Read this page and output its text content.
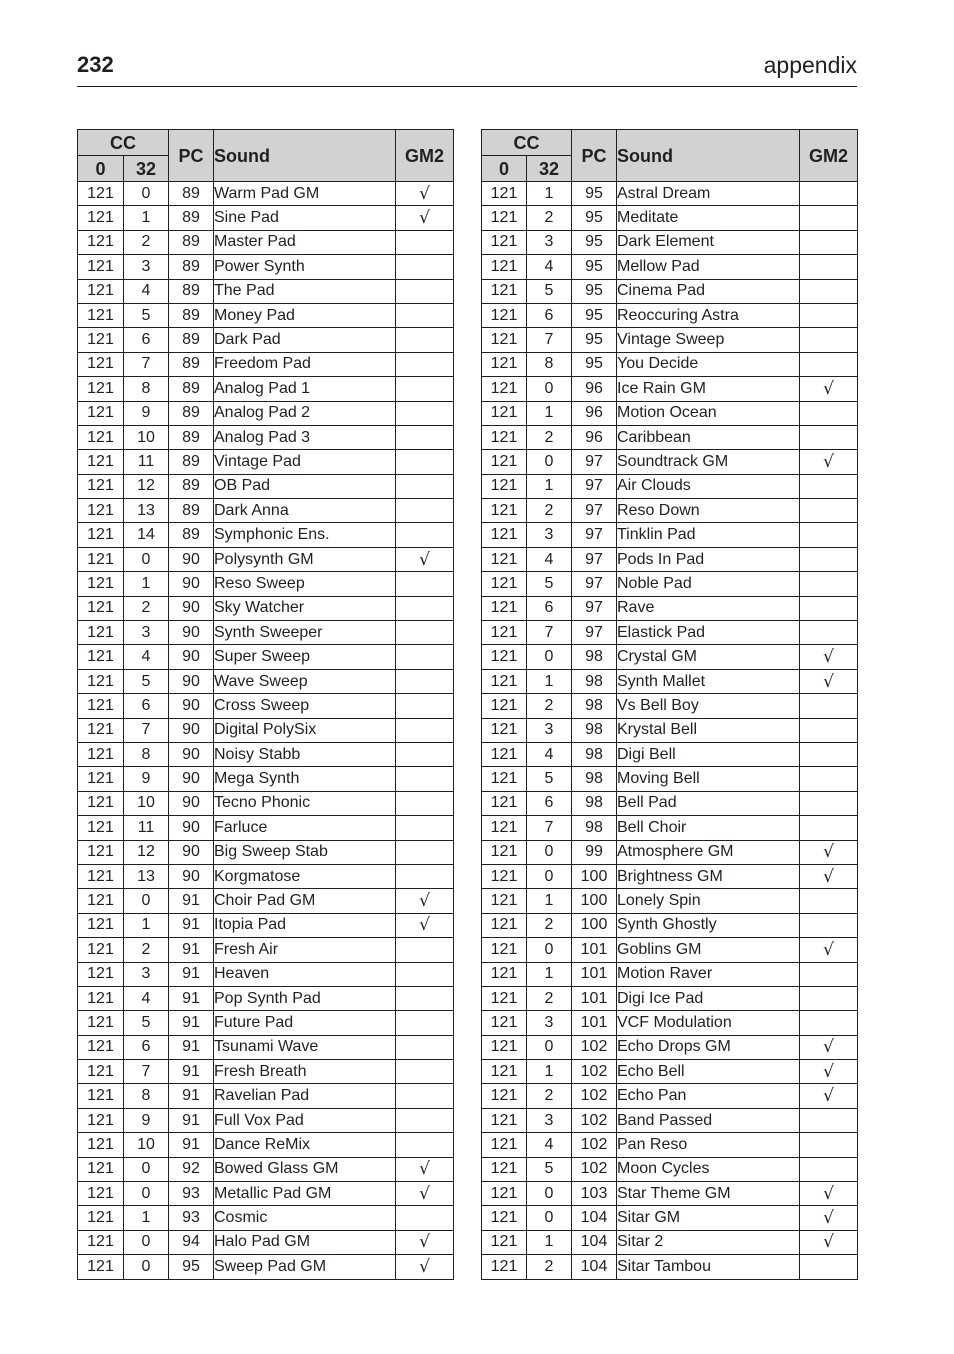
232	appendix
CC		PC	Sound	GM2
0	32			
121	0	89	Warm Pad GM	√
121	1	89	Sine Pad	√
121	2	89	Master Pad	
121	3	89	Power Synth	
121	4	89	The Pad	
121	5	89	Money Pad	
121	6	89	Dark Pad	
121	7	89	Freedom Pad	
121	8	89	Analog Pad 1	
121	9	89	Analog Pad 2	
121	10	89	Analog Pad 3	
121	11	89	Vintage Pad	
121	12	89	OB Pad	
121	13	89	Dark Anna	
121	14	89	Symphonic Ens.	
121	0	90	Polysynth GM	√
121	1	90	Reso Sweep	
121	2	90	Sky Watcher	
121	3	90	Synth Sweeper	
121	4	90	Super Sweep	
121	5	90	Wave Sweep	
121	6	90	Cross Sweep	
121	7	90	Digital PolySix	
121	8	90	Noisy Stabb	
121	9	90	Mega Synth	
121	10	90	Tecno Phonic	
121	11	90	Farluce	
121	12	90	Big Sweep Stab	
121	13	90	Korgmatose	
121	0	91	Choir Pad GM	√
121	1	91	Itopia Pad	√
121	2	91	Fresh Air	
121	3	91	Heaven	
121	4	91	Pop Synth Pad	
121	5	91	Future Pad	
121	6	91	Tsunami Wave	
121	7	91	Fresh Breath	
121	8	91	Ravelian Pad	
121	9	91	Full Vox Pad	
121	10	91	Dance ReMix	
121	0	92	Bowed Glass GM	√
121	0	93	Metallic Pad GM	√
121	1	93	Cosmic	
121	0	94	Halo Pad GM	√
121	0	95	Sweep Pad GM	√
CC		PC	Sound	GM2
0	32			
121	1	95	Astral Dream	
121	2	95	Meditate	
121	3	95	Dark Element	
121	4	95	Mellow Pad	
121	5	95	Cinema Pad	
121	6	95	Reoccuring Astra	
121	7	95	Vintage Sweep	
121	8	95	You Decide	
121	0	96	Ice Rain GM	√
121	1	96	Motion Ocean	
121	2	96	Caribbean	
121	0	97	Soundtrack GM	√
121	1	97	Air Clouds	
121	2	97	Reso Down	
121	3	97	Tinklin Pad	
121	4	97	Pods In Pad	
121	5	97	Noble Pad	
121	6	97	Rave	
121	7	97	Elastick Pad	
121	0	98	Crystal GM	√
121	1	98	Synth Mallet	√
121	2	98	Vs Bell Boy	
121	3	98	Krystal Bell	
121	4	98	Digi Bell	
121	5	98	Moving Bell	
121	6	98	Bell Pad	
121	7	98	Bell Choir	
121	0	99	Atmosphere GM	√
121	0	100	Brightness GM	√
121	1	100	Lonely Spin	
121	2	100	Synth Ghostly	
121	0	101	Goblins GM	√
121	1	101	Motion Raver	
121	2	101	Digi Ice Pad	
121	3	101	VCF Modulation	
121	0	102	Echo Drops GM	√
121	1	102	Echo Bell	√
121	2	102	Echo Pan	√
121	3	102	Band Passed	
121	4	102	Pan Reso	
121	5	102	Moon Cycles	
121	0	103	Star Theme GM	√
121	0	104	Sitar GM	√
121	1	104	Sitar 2	√
121	2	104	Sitar Tambou	
